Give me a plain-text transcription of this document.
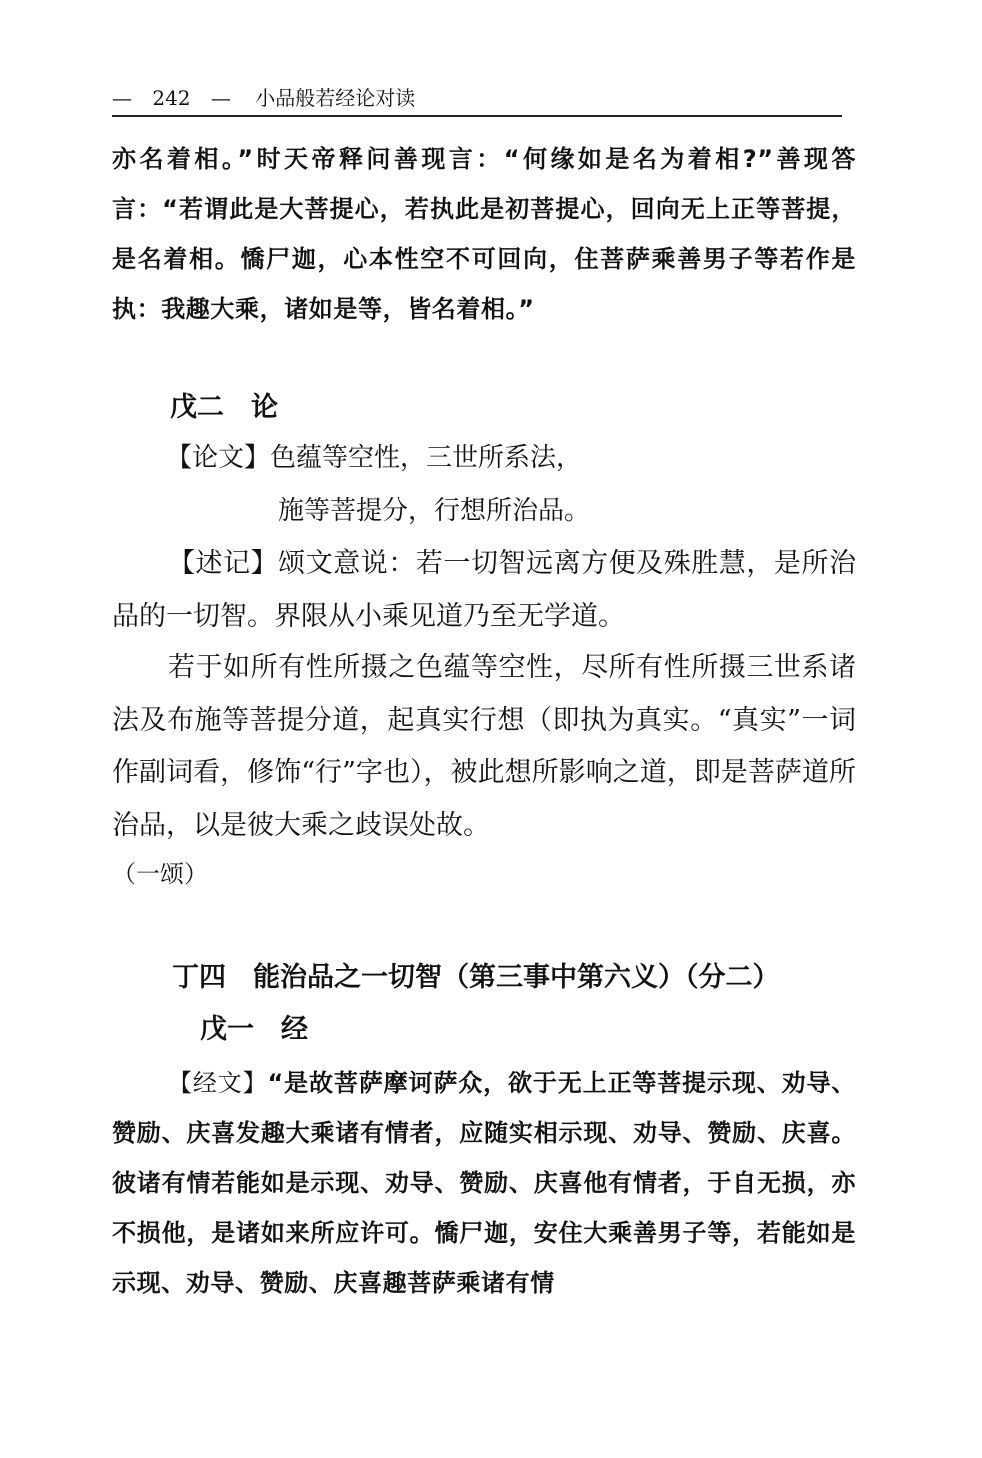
— 242 — 小品般若经论对读

亦名着相。”时天帝释问善现言：“何缘如是名为着相?”善现答言：“若谓此是大菩提心，若执此是初菩提心，回向无上正等菩提，是名着相。憍尸迦，心本性空不可回向，住菩萨乘善男子等若作是执：我趣大乘，诸如是等，皆名着相。”

戊二　论
【论文】色蕴等空性，三世所系法，
施等菩提分，行想所治品。

【述记】颂文意说：若一切智远离方便及殊胜慧，是所治品的一切智。界限从小乘见道乃至无学道。

若于如所有性所摄之色蕴等空性，尽所有性所摄三世系诸法及布施等菩提分道，起真实行想（即执为真实。“真实”一词作副词看，修饰“行”字也），被此想所影响之道，即是菩萨道所治品，以是彼大乘之歧误处故。

（一颂）
丁四　能治品之一切智（第三事中第六义）（分二）
戊一　经

【经文】“是故菩萨摩诃萨众，欲于无上正等菩提示现、劝导、赞励、庆喜发趣大乘诸有情者，应随实相示现、劝导、赞励、庆喜。彼诸有情若能如是示现、劝导、赞励、庆喜他有情者，于自无损，亦不损他，是诸如来所应许可。憍尸迦，安住大乘善男子等，若能如是示现、劝导、赞励、庆喜趣菩萨乘诸有情
